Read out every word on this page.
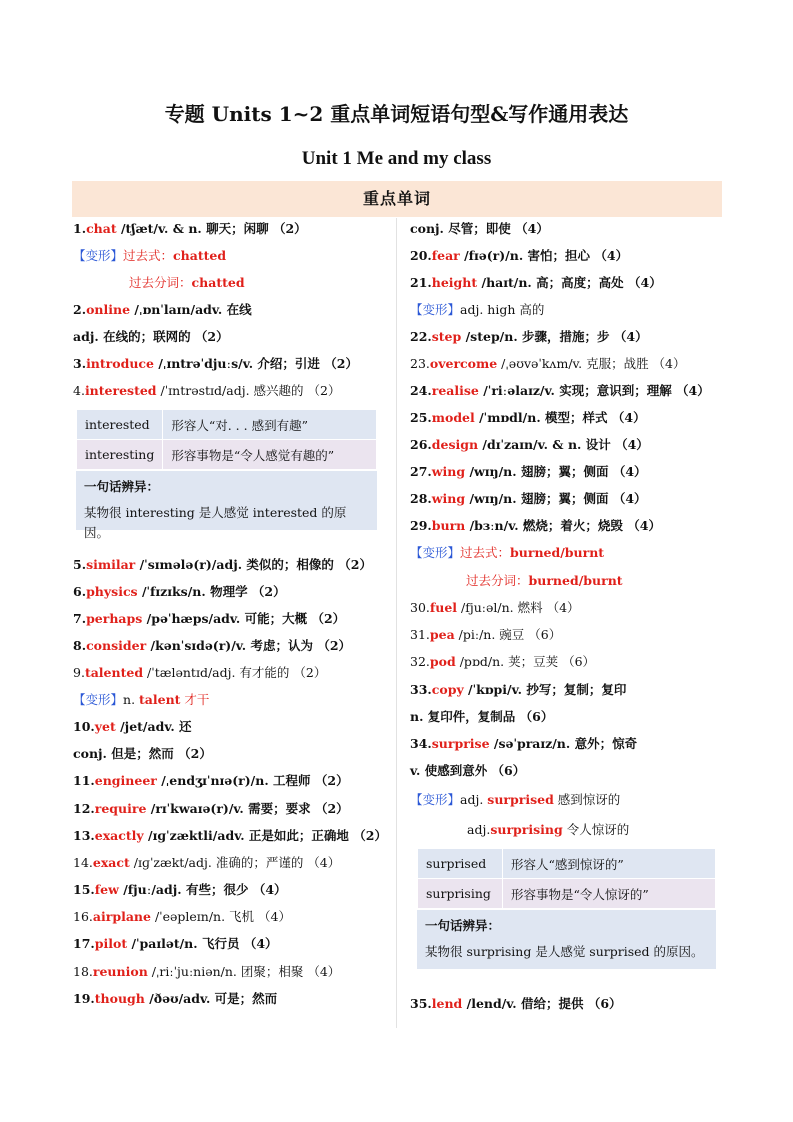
专题 Units 1~2 重点单词短语句型&写作通用表达
Unit 1 Me and my class
重点单词
1.chat /tʃæt/v. & n. 聊天；闲聊 （2）
【变形】过去式：chatted
过去分词：chatted
2.online /ˌɒnˈlaɪn/adv. 在线
adj. 在线的；联网的 （2）
3.introduce /ˌɪntrəˈdjuːs/v. 介绍；引进 （2）
4.interested /ˈɪntrəstɪd/adj. 感兴趣的 （2）
interested	形容人“对. . . 感到有趣”
interesting	形容事物是“令人感觉有趣的”
一句话辨异：
某物很 interesting 是人感觉 interested 的原因。
5.similar /ˈsɪmələ(r)/adj. 类似的；相像的 （2）
6.physics /ˈfɪzɪks/n. 物理学 （2）
7.perhaps /pəˈhæps/adv. 可能；大概 （2）
8.consider /kənˈsɪdə(r)/v. 考虑；认为 （2）
9.talented /ˈtæləntɪd/adj. 有才能的 （2）
【变形】n. talent 才干
10.yet /jet/adv. 还
conj. 但是；然而 （2）
11.engineer /ˌendʒɪˈnɪə(r)/n. 工程师 （2）
12.require /rɪˈkwaɪə(r)/v. 需要；要求 （2）
13.exactly /ɪɡˈzæktli/adv. 正是如此；正确地 （2）
14.exact /ɪɡˈzækt/adj. 准确的；严谨的 （4）
15.few /fjuː/adj. 有些；很少 （4）
16.airplane /ˈeəpleɪn/n. 飞机 （4）
17.pilot /ˈpaɪlət/n. 飞行员 （4）
18.reunion /ˌriːˈjuːniən/n. 团聚；相聚 （4）
19.though /ðəʊ/adv. 可是；然而
conj. 尽管；即使 （4）
20.fear /fɪə(r)/n. 害怕；担心 （4）
21.height /haɪt/n. 高；高度；高处 （4）
【变形】adj. high 高的
22.step /step/n. 步骤，措施；步 （4）
23.overcome /ˌəʊvəˈkʌm/v. 克服；战胜 （4）
24.realise /ˈriːəlaɪz/v. 实现；意识到；理解 （4）
25.model /ˈmɒdl/n. 模型；样式 （4）
26.design /dɪˈzaɪn/v. & n. 设计 （4）
27.wing /wɪŋ/n. 翅膀；翼；侧面 （4）
28.wing /wɪŋ/n. 翅膀；翼；侧面 （4）
29.burn /bɜːn/v. 燃烧；着火；烧毁 （4）
【变形】过去式：burned/burnt
过去分词：burned/burnt
30.fuel /fjuːəl/n. 燃料 （4）
31.pea /piː/n. 豌豆 （6）
32.pod /pɒd/n. 荚；豆荚 （6）
33.copy /ˈkɒpi/v. 抄写；复制；复印
n. 复印件，复制品 （6）
34.surprise /səˈpraɪz/n. 意外；惊奇
v. 使感到意外 （6）
【变形】adj. surprised 感到惊讶的
adj.surprising 令人惊讶的
surprised	形容人“感到惊讶的”
surprising	形容事物是“令人惊讶的”
一句话辨异：
某物很 surprising 是人感觉 surprised 的原因。
35.lend /lend/v. 借给；提供 （6）
